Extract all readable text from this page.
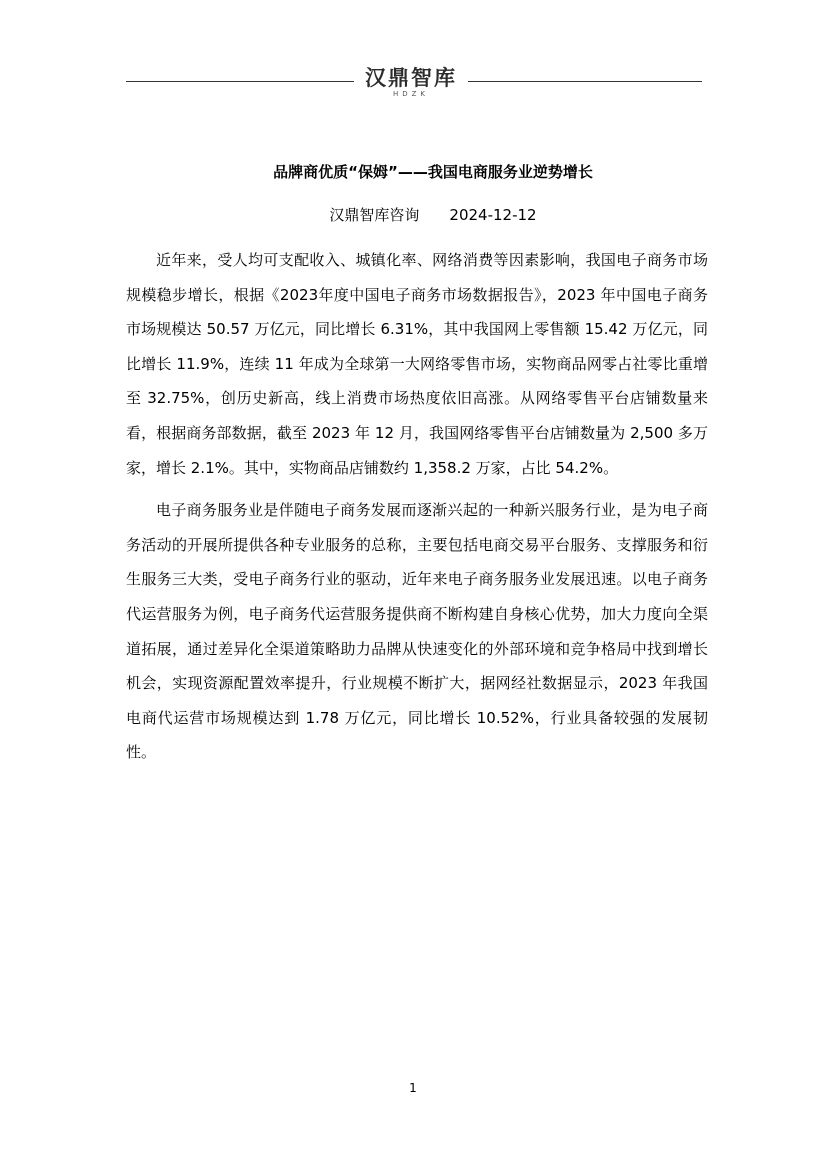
汉鼎智库
HDZK
品牌商优质“保姆”——我国电商服务业逆势增长
汉鼎智库咨询 2024-12-12

近年来，受人均可支配收入、城镇化率、网络消费等因素影响，我国电子商务市场规模稳步增长，根据《2023年度中国电子商务市场数据报告》，2023 年中国电子商务市场规模达 50.57 万亿元，同比增长 6.31%，其中我国网上零售额 15.42 万亿元，同比增长 11.9%，连续 11 年成为全球第一大网络零售市场，实物商品网零占社零比重增至 32.75%，创历史新高，线上消费市场热度依旧高涨。从网络零售平台店铺数量来看，根据商务部数据，截至 2023 年 12 月，我国网络零售平台店铺数量为 2,500 多万家，增长 2.1%。其中，实物商品店铺数约 1,358.2 万家，占比 54.2%。

电子商务服务业是伴随电子商务发展而逐渐兴起的一种新兴服务行业，是为电子商务活动的开展所提供各种专业服务的总称，主要包括电商交易平台服务、支撑服务和衍生服务三大类，受电子商务行业的驱动，近年来电子商务服务业发展迅速。以电子商务代运营服务为例，电子商务代运营服务提供商不断构建自身核心优势，加大力度向全渠道拓展，通过差异化全渠道策略助力品牌从快速变化的外部环境和竞争格局中找到增长机会，实现资源配置效率提升，行业规模不断扩大，据网经社数据显示，2023 年我国电商代运营市场规模达到 1.78 万亿元，同比增长 10.52%，行业具备较强的发展韧性。

1
